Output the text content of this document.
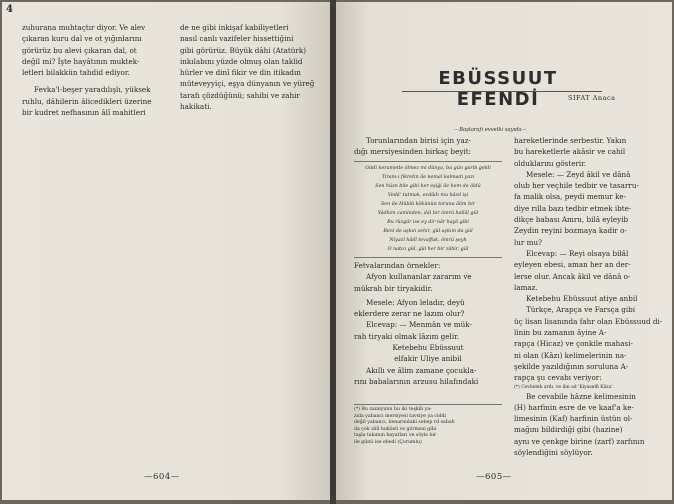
4

zuhurana muhtaçtır diyor. Ve alev

çıkaran kuru dal ve ot yığınlarını

görürüz bu alevi çıkaran dal, ot

değil mi? İşte hayâtının muktek-

letleri bilakkün tahdid ediyor.

Fevka'l-beşer yaradılışlı, yüksek

ruhlu, dâhilerin âlicedikleri üzerine

bir kudret nefhasının âlî mahitleri

de ne gibi inkişaf kabiliyetleri

nasıl canlı vazifeler hissettiğini

gibi görürüz. Büyük dâhi (Atatürk)

inkılabını yüzde olmuş olan taklid

hürler ve dinî fikir ve din itikadın

müteveyyiçi, eşya dünyanın ve yüreğ

tarafı çözdüğünü; sahibi ve zahir

hakikati.

—604—
EBÜSSUUT EFENDİ	SIFAT Anaca
—Baştarafı evvelki sayıda—

Torunlarından birisi için yaz-

dığı mersiyesinden birkaç beyit:

Gitdi kerametle ölmez mi dünya, bu gün garib geldi
Tiranı-ı fikretin ile kemal kalmadı yazı
Sen hüsn bile gibi her eşiği ile hem de öldü
Vedâ' tutmak, ecdâdı mu hâsıl işi
Sen ile Hûblû kökünün torunu âlim bir
Yâdkim caminden, dâi bir ömrü hallâl gül
Bu rüzgâr ise ey dir-nâr hayâ gibi
Beni de aşkın zehir, gül aşkım da gül
Niyazî hâdî tevaffuk, ömrü şeyh
O nabzı gül, gül her bir zâhir, gül

Fetvalarından örnekler:

Afyon kullananlar zararım ve

mükrah bir tiryakidir.

Mesele: Afyon leladır, deyü

eklerdere zerar ne lazım olur?

Elcevap: — Menmân ve mük-

rah tiryaki olmak lâzım gelir.

Ketebehu Ebüssuut

elfakir Uliye anibil

Akıllı ve âlim zamane çocukla-

rını babalarının arzusu hilafındaki

(*) Bu zannyunu bu iki teşkili ya-
zıda yabancı mersiyesi tavsiye ya ciddi
değil yabancı, kenarındaki sebep rd sabah
da çok zâlî huküsü ve görmesi gibi
taşla takımın hayatları ve söyle bir
ile günü ise ebedi (Çorumlu)

hareketlerinde serbestir. Yakın

bu hareketlerle akâsir ve cahil

olduklarını gösterir.

Mesele: — Zeyd âkil ve dânâ

olub her veçhile tedbir ve tasarru-

fa malik olsa, peydi memur ke-

diye rılla bazı tedbir etmek ibte-

dikçe babası Amru, bilâ eyleyib

Zeydin reyini bozmaya kadir o-

lur mu?

Elcevap: — Reyi olsaya bilâl

eyleyen ebesi, aman her an der-

lerse olur. Ancak âkil ve dânâ o-

lamaz.

Ketebehu Ebüssuut atiye anbil

Türkçe, Arapça ve Farsça gibi

üç lisan lisanında fahr olan Ebüssuud di-

linin bu zamanın âyine A-

rapça (Hicaz) ve çonkile mahasi-

ni olan (Kâzı) kelimelerinin na-

şekilde yazıldığının soruluna A-

rapça şu cevabı veriyor:

(*) Cevheleb ardı. ve ibn ad 'Kiyaselfi Kâza'.

Be cevabile hâzne kelimesinin

(H) harfinin esre de ve kaaf'a ke-

limesinin (Kaf) harfinin üstün ol-

mağını bildirdiği gibi (hazine)

aynı ve çenkge birine (zarf) zarfının

söylendiğini söylüyor.

—605—
